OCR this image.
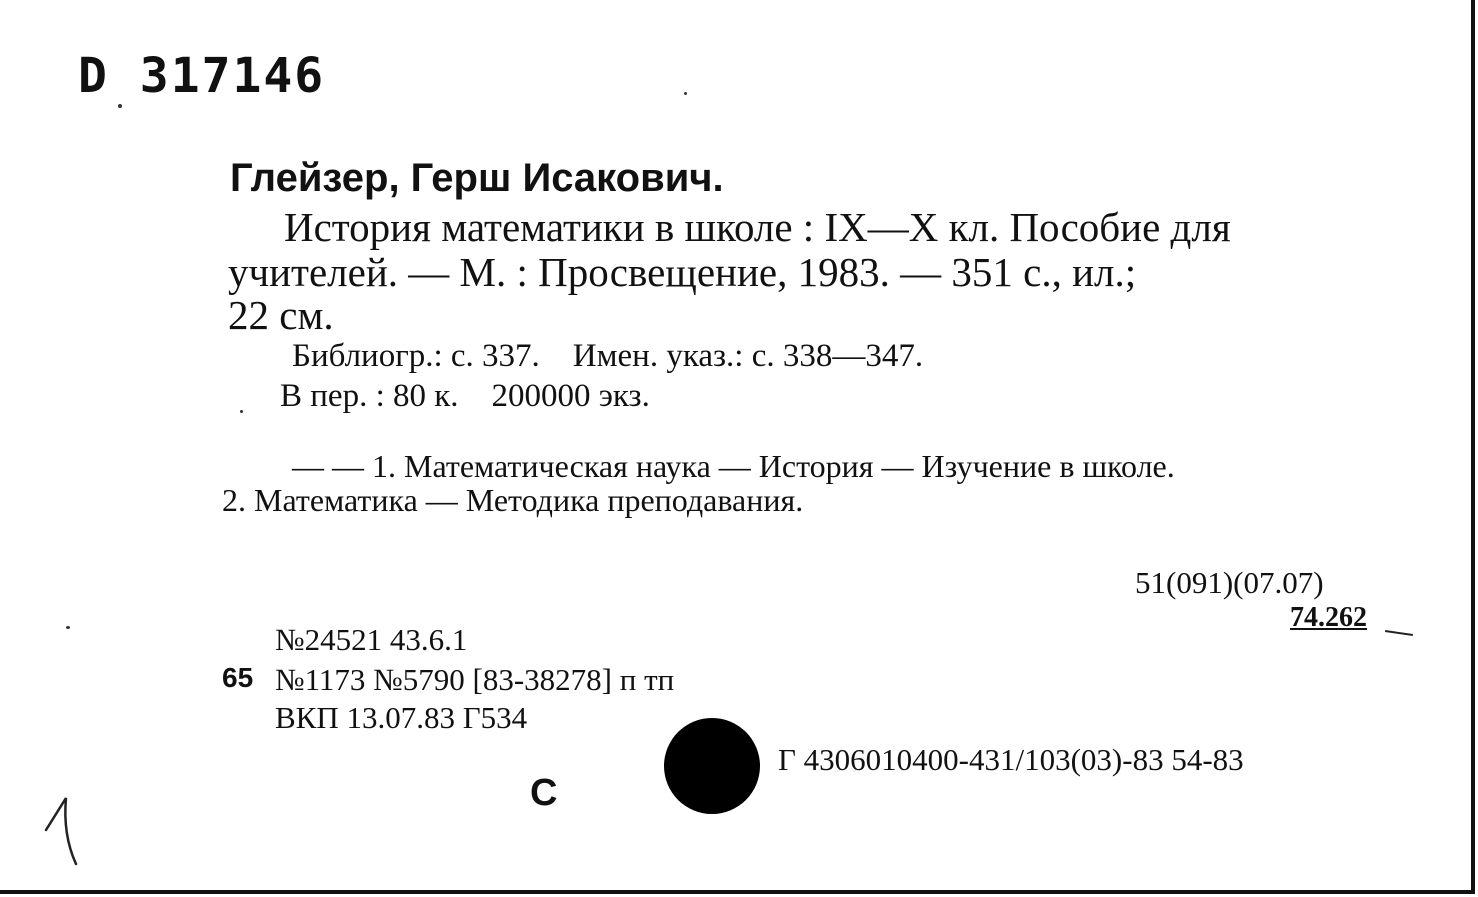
D 317146
Глейзер, Герш Исакович.
История математики в школе : IX—X кл. Пособие для
учителей. — М. : Просвещение, 1983. — 351 с., ил.;
22 см.
Библиогр.: с. 337.    Имен. указ.: с. 338—347.
В пер. : 80 к.    200000 экз.
— — 1. Математическая наука — История — Изучение в школе.
2. Математика — Методика преподавания.
51(091)(07.07)
74.262
№24521 43.6.1
65 №1173 №5790 [83-38278] п тп
ВКП 13.07.83 Г534
Г 4306010400-431/103(03)-83 54-83
С
